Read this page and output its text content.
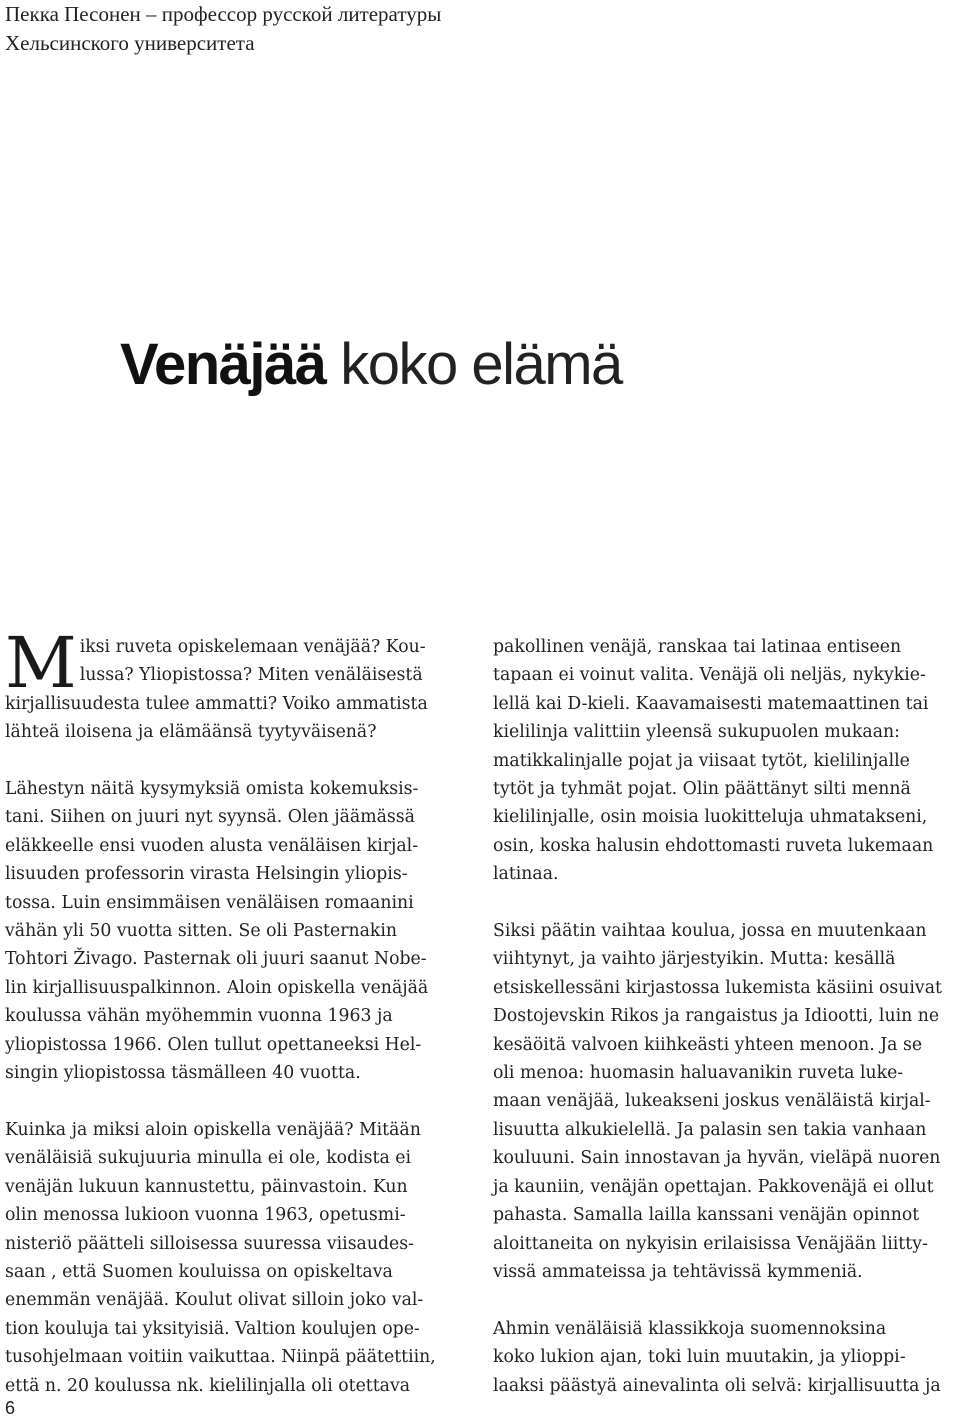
Пекка Песонен – профессор русской литературы
Хельсинского университета
Venäjää koko elämä

Miksi ruveta opiskelemaan venäjää? Kou-
lussa? Yliopistossa? Miten venäläisestä
kirjallisuudesta tulee ammatti? Voiko ammatista
lähteä iloisena ja elämäänsä tyytyväisenä?

Lähestyn näitä kysymyksiä omista kokemuksis-
tani. Siihen on juuri nyt syynsä. Olen jäämässä
eläkkeelle ensi vuoden alusta venäläisen kirjal-
lisuuden professorin virasta Helsingin yliopis-
tossa. Luin ensimmäisen venäläisen romaanini
vähän yli 50 vuotta sitten. Se oli Pasternakin
Tohtori Živago. Pasternak oli juuri saanut Nobe-
lin kirjallisuuspalkinnon. Aloin opiskella venäjää
koulussa vähän myöhemmin vuonna 1963 ja
yliopistossa 1966. Olen tullut opettaneeksi Hel-
singin yliopistossa täsmälleen 40 vuotta.

Kuinka ja miksi aloin opiskella venäjää? Mitään
venäläisiä sukujuuria minulla ei ole, kodista ei
venäjän lukuun kannustettu, päinvastoin. Kun
olin menossa lukioon vuonna 1963, opetusmi-
nisteriö päätteli silloisessa suuressa viisaudes-
saan , että Suomen kouluissa on opiskeltava
enemmän venäjää. Koulut olivat silloin joko val-
tion kouluja tai yksityisiä. Valtion koulujen ope-
tusohjelmaan voitiin vaikuttaa. Niinpä päätettiin,
että n. 20 koulussa nk. kielilinjalla oli otettava

pakollinen venäjä, ranskaa tai latinaa entiseen
tapaan ei voinut valita. Venäjä oli neljäs, nykykie-
lellä kai D-kieli. Kaavamaisesti matemaattinen tai
kielilinja valittiin yleensä sukupuolen mukaan:
matikkalinjalle pojat ja viisaat tytöt, kielilinjalle
tytöt ja tyhmät pojat. Olin päättänyt silti mennä
kielilinjalle, osin moisia luokitteluja uhmatakseni,
osin, koska halusin ehdottomasti ruveta lukemaan
latinaa.

Siksi päätin vaihtaa koulua, jossa en muutenkaan
viihtynyt, ja vaihto järjestyikin. Mutta: kesällä
etsiskellessäni kirjastossa lukemista käsiini osuivat
Dostojevskin Rikos ja rangaistus ja Idiootti, luin ne
kesäöitä valvoen kiihkeästi yhteen menoon. Ja se
oli menoa: huomasin haluavanikin ruveta luke-
maan venäjää, lukeakseni joskus venäläistä kirjal-
lisuutta alkukielellä. Ja palasin sen takia vanhaan
kouluuni. Sain innostavan ja hyvän, vieläpä nuoren
ja kauniin, venäjän opettajan. Pakkovenäjä ei ollut
pahasta. Samalla lailla kanssani venäjän opinnot
aloittaneita on nykyisin erilaisissa Venäjään liitty-
vissä ammateissa ja tehtävissä kymmeniä.

Ahmin venäläisiä klassikkoja suomennoksina
koko lukion ajan, toki luin muutakin, ja ylioppi-
laaksi päästyä ainevalinta oli selvä: kirjallisuutta ja

6
